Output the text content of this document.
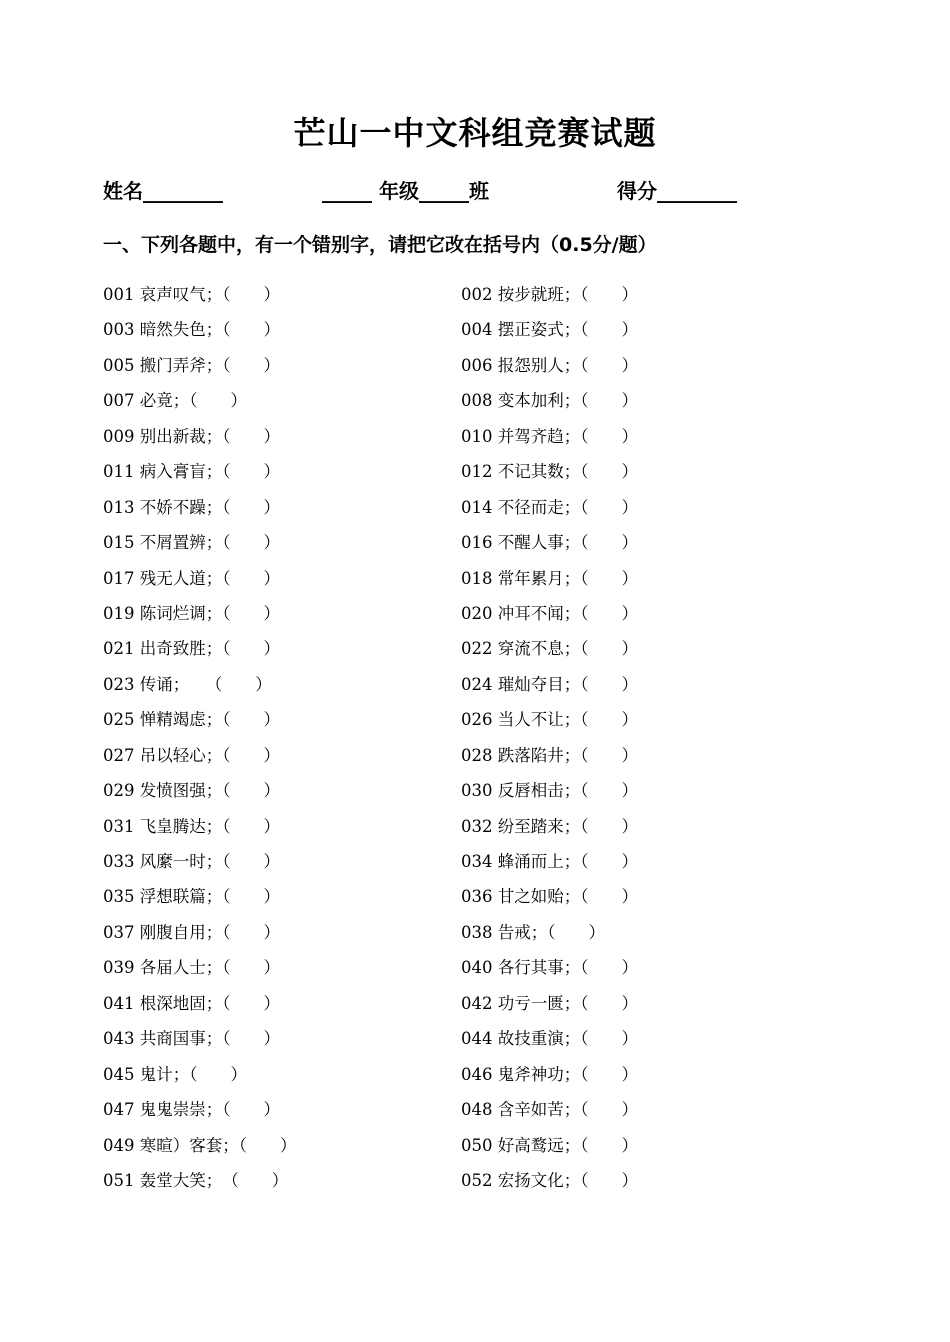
芒山一中文科组竞赛试题
姓名________	_____ 年级_____班	得分________
一、下列各题中，有一个错别字，请把它改在括号内（0.5分/题）
001 哀声叹气；（　　）	002 按步就班；（　　）
003 暗然失色；（　　）	004 摆正姿式；（　　）
005 搬门弄斧；（　　）	006 报怨别人；（　　）
007 必竟；（　　）	008 变本加利；（　　）
009 别出新裁；（　　）	010 并驾齐趋；（　　）
011 病入膏盲；（　　）	012 不记其数；（　　）
013 不娇不躁；（　　）	014 不径而走；（　　）
015 不屑置辨；（　　）	016 不醒人事；（　　）
017 残无人道；（　　）	018 常年累月；（　　）
019 陈词烂调；（　　）	020 冲耳不闻；（　　）
021 出奇致胜；（　　）	022 穿流不息；（　　）
023 传诵；　　（　　）	024 璀灿夺目；（　　）
025 惮精竭虑；（　　）	026 当人不让；（　　）
027 吊以轻心；（　　）	028 跌落陷井；（　　）
029 发愤图强；（　　）	030 反唇相击；（　　）
031 飞皇腾达；（　　）	032 纷至踏来；（　　）
033 风縻一时；（　　）	034 蜂涌而上；（　　）
035 浮想联篇；（　　）	036 甘之如贻；（　　）
037 刚腹自用；（　　）	038 告戒；（　　）
039 各届人士；（　　）	040 各行其事；（　　）
041 根深地固；（　　）	042 功亏一匮；（　　）
043 共商国事；（　　）	044 故技重演；（　　）
045 鬼计；（　　）	046 鬼斧神功；（　　）
047 鬼鬼崇崇；（　　）	048 含辛如苦；（　　）
049 寒暄）客套；（　　）	050 好高鹜远；（　　）
051 轰堂大笑；　（　　）	052 宏扬文化；（　　）
